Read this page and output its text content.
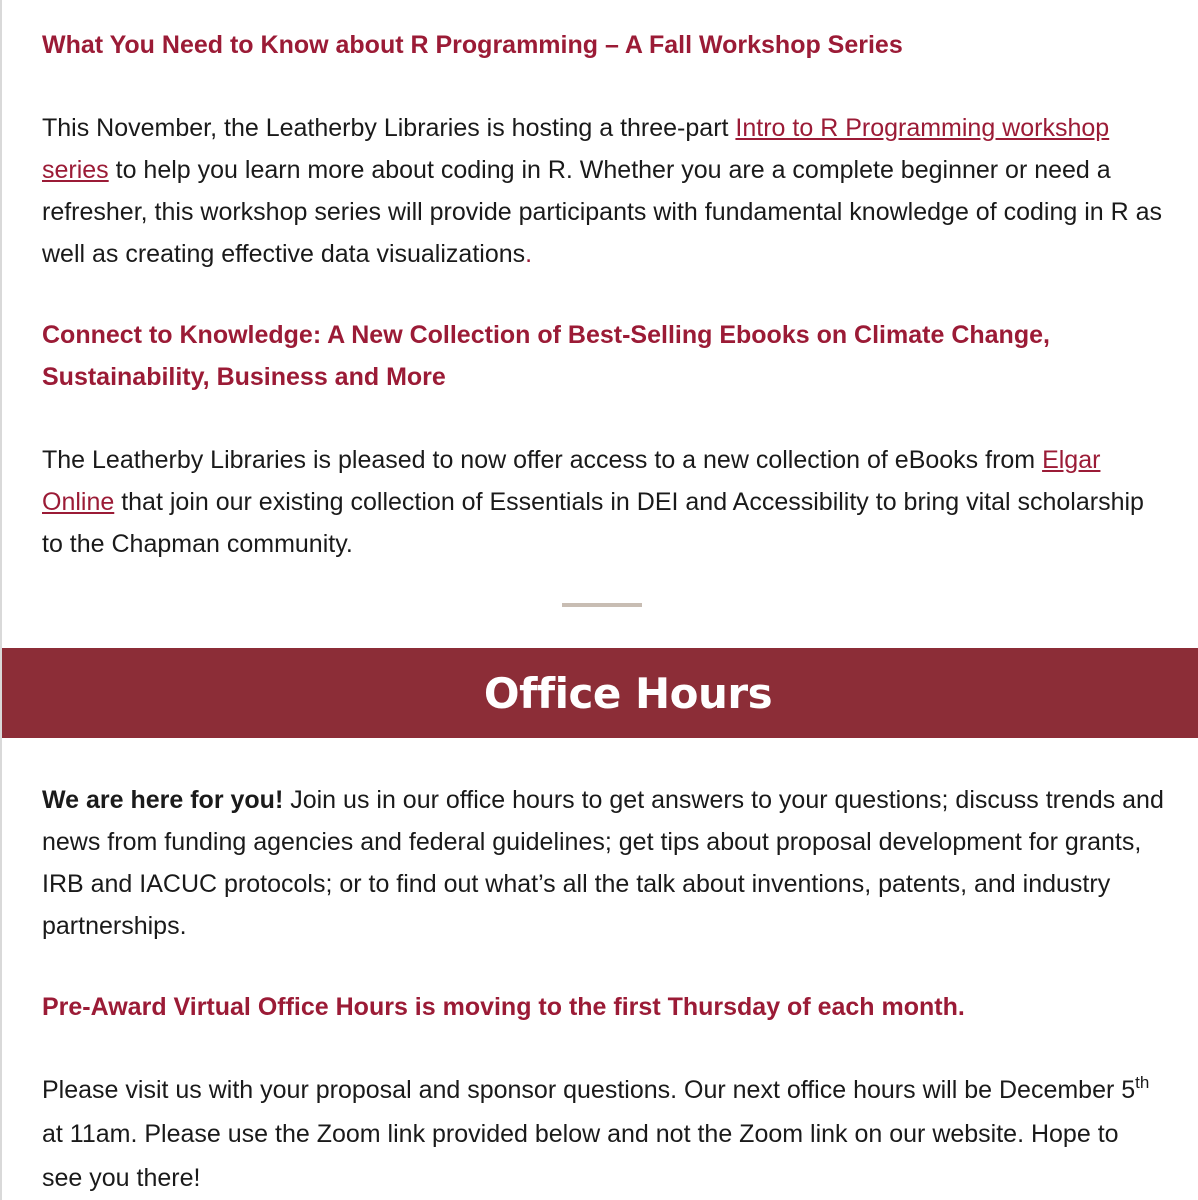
What You Need to Know about R Programming – A Fall Workshop Series

This November, the Leatherby Libraries is hosting a three-part Intro to R Programming workshop series to help you learn more about coding in R. Whether you are a complete beginner or need a refresher, this workshop series will provide participants with fundamental knowledge of coding in R as well as creating effective data visualizations.

Connect to Knowledge: A New Collection of Best-Selling Ebooks on Climate Change, Sustainability, Business and More

The Leatherby Libraries is pleased to now offer access to a new collection of eBooks from Elgar Online that join our existing collection of Essentials in DEI and Accessibility to bring vital scholarship to the Chapman community.

Office Hours

We are here for you! Join us in our office hours to get answers to your questions; discuss trends and news from funding agencies and federal guidelines; get tips about proposal development for grants, IRB and IACUC protocols; or to find out what’s all the talk about inventions, patents, and industry partnerships.

Pre-Award Virtual Office Hours is moving to the first Thursday of each month.

Please visit us with your proposal and sponsor questions. Our next office hours will be December 5th at 11am. Please use the Zoom link provided below and not the Zoom link on our website. Hope to see you there!
